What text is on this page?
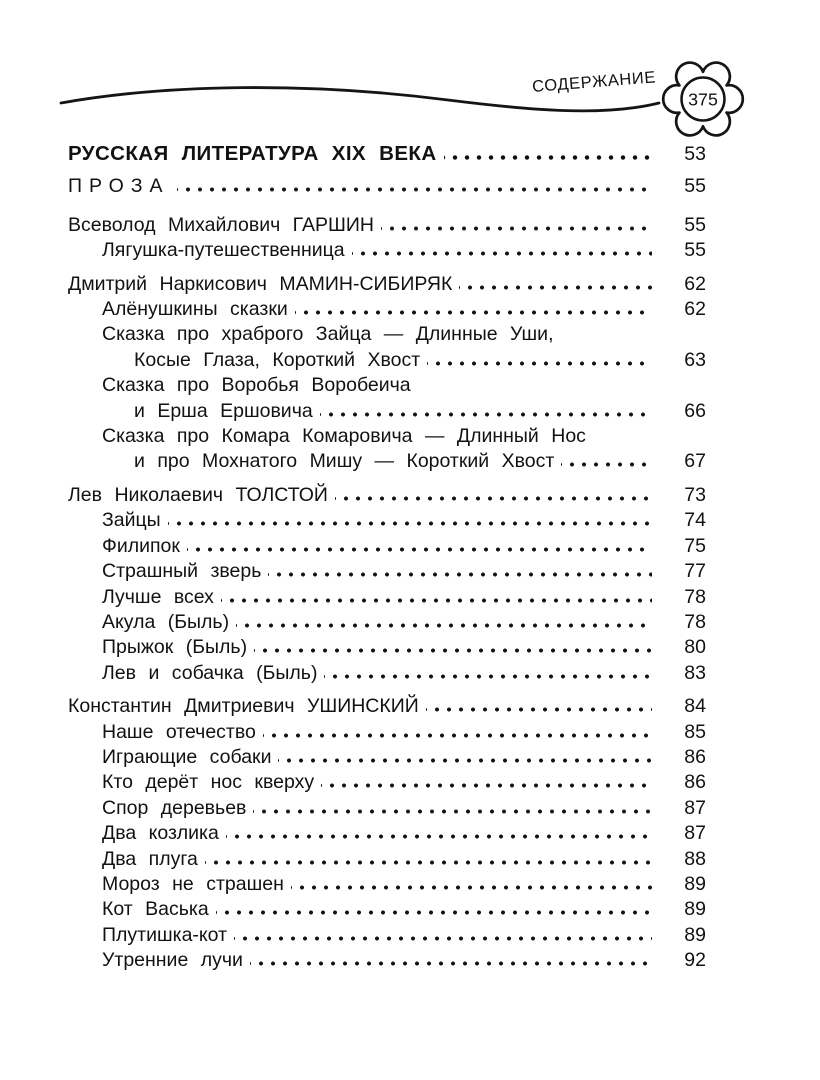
СОДЕРЖАНИЕ
375
РУССКАЯ ЛИТЕРАТУРА XIX ВЕКА	53
ПРОЗА	55
Всеволод Михайлович ГАРШИН	55
Лягушка-путешественница	55
Дмитрий Наркисович МАМИН-СИБИРЯК	62
Алёнушкины сказки	62
Сказка про храброго Зайца — Длинные Уши,
Косые Глаза, Короткий Хвост	63
Сказка про Воробья Воробеича
и Ерша Ершовича	66
Сказка про Комара Комаровича — Длинный Нос
и про Мохнатого Мишу — Короткий Хвост	67
Лев Николаевич ТОЛСТОЙ	73
Зайцы	74
Филипок	75
Страшный зверь	77
Лучше всех	78
Акула (Быль)	78
Прыжок (Быль)	80
Лев и собачка (Быль)	83
Константин Дмитриевич УШИНСКИЙ	84
Наше отечество	85
Играющие собаки	86
Кто дерёт нос кверху	86
Спор деревьев	87
Два козлика	87
Два плуга	88
Мороз не страшен	89
Кот Васька	89
Плутишка-кот	89
Утренние лучи	92
